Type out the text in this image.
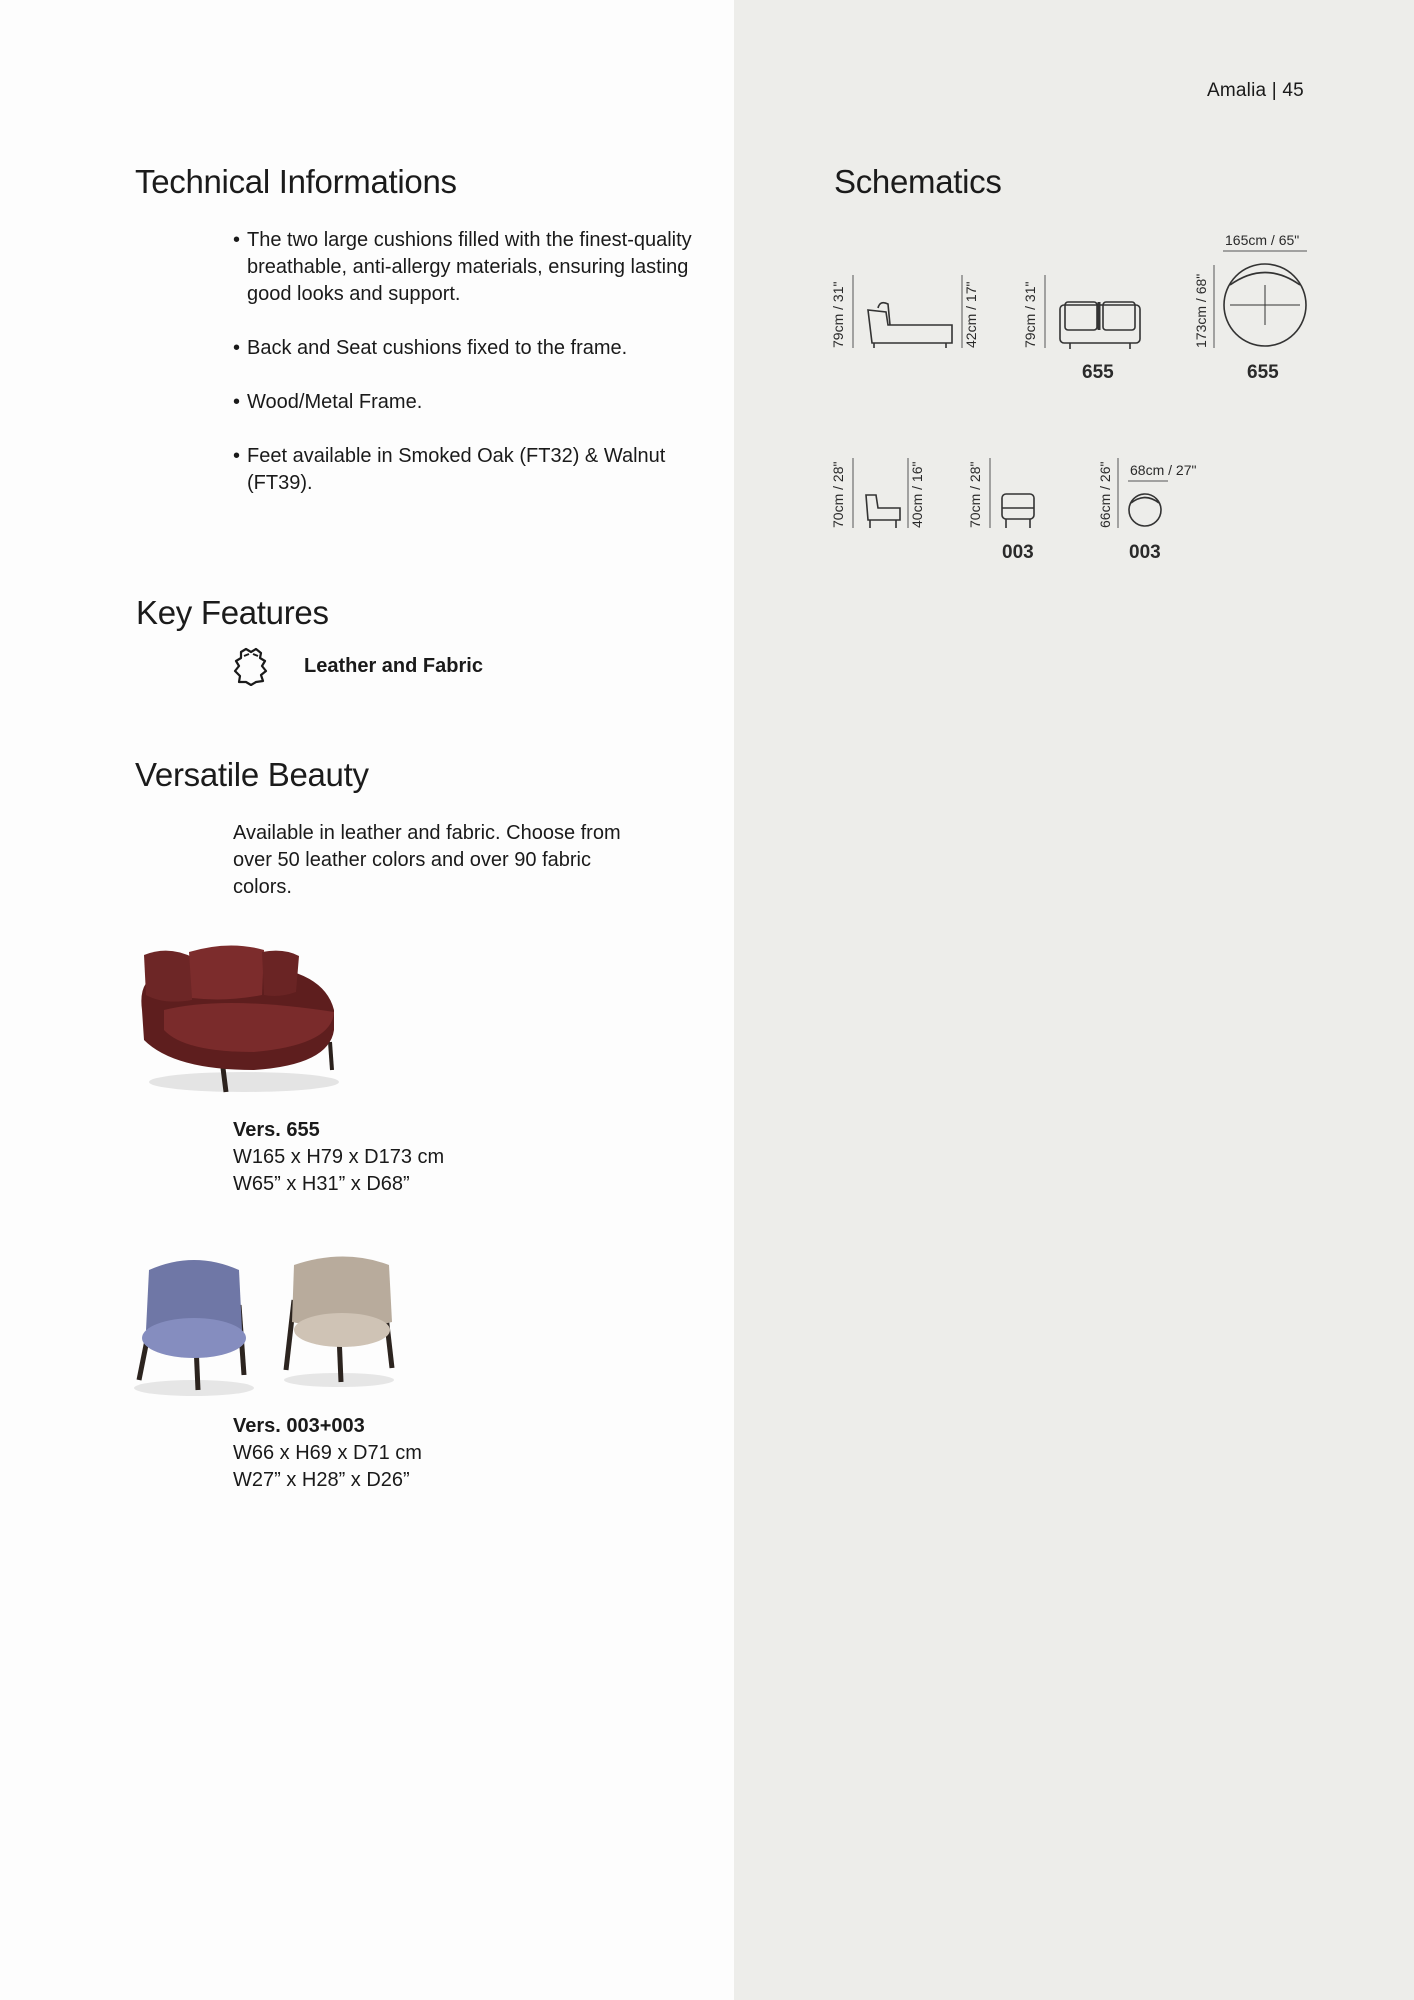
Amalia | 45
Technical Informations
• The two large cushions filled with the finest-quality breathable, anti-allergy materials, ensuring lasting good looks and support.
• Back and Seat cushions fixed to the frame.
• Wood/Metal Frame.
• Feet available in Smoked Oak (FT32) & Walnut (FT39).
Key Features
Leather and Fabric
Versatile Beauty

Available in leather and fabric. Choose from over 50 leather colors and over 90 fabric colors.

Vers. 655
W165 x H79 x D173 cm
W65” x H31” x D68”
Vers. 003+003
W66 x H69 x D71 cm
W27” x H28” x D26”
Schematics
79cm / 31"	42cm / 17"	79cm / 31"
655
165cm / 65"
173cm / 68"
655
70cm / 28"	40cm / 16"	70cm / 28"
003
68cm / 27"
66cm / 26"
003
